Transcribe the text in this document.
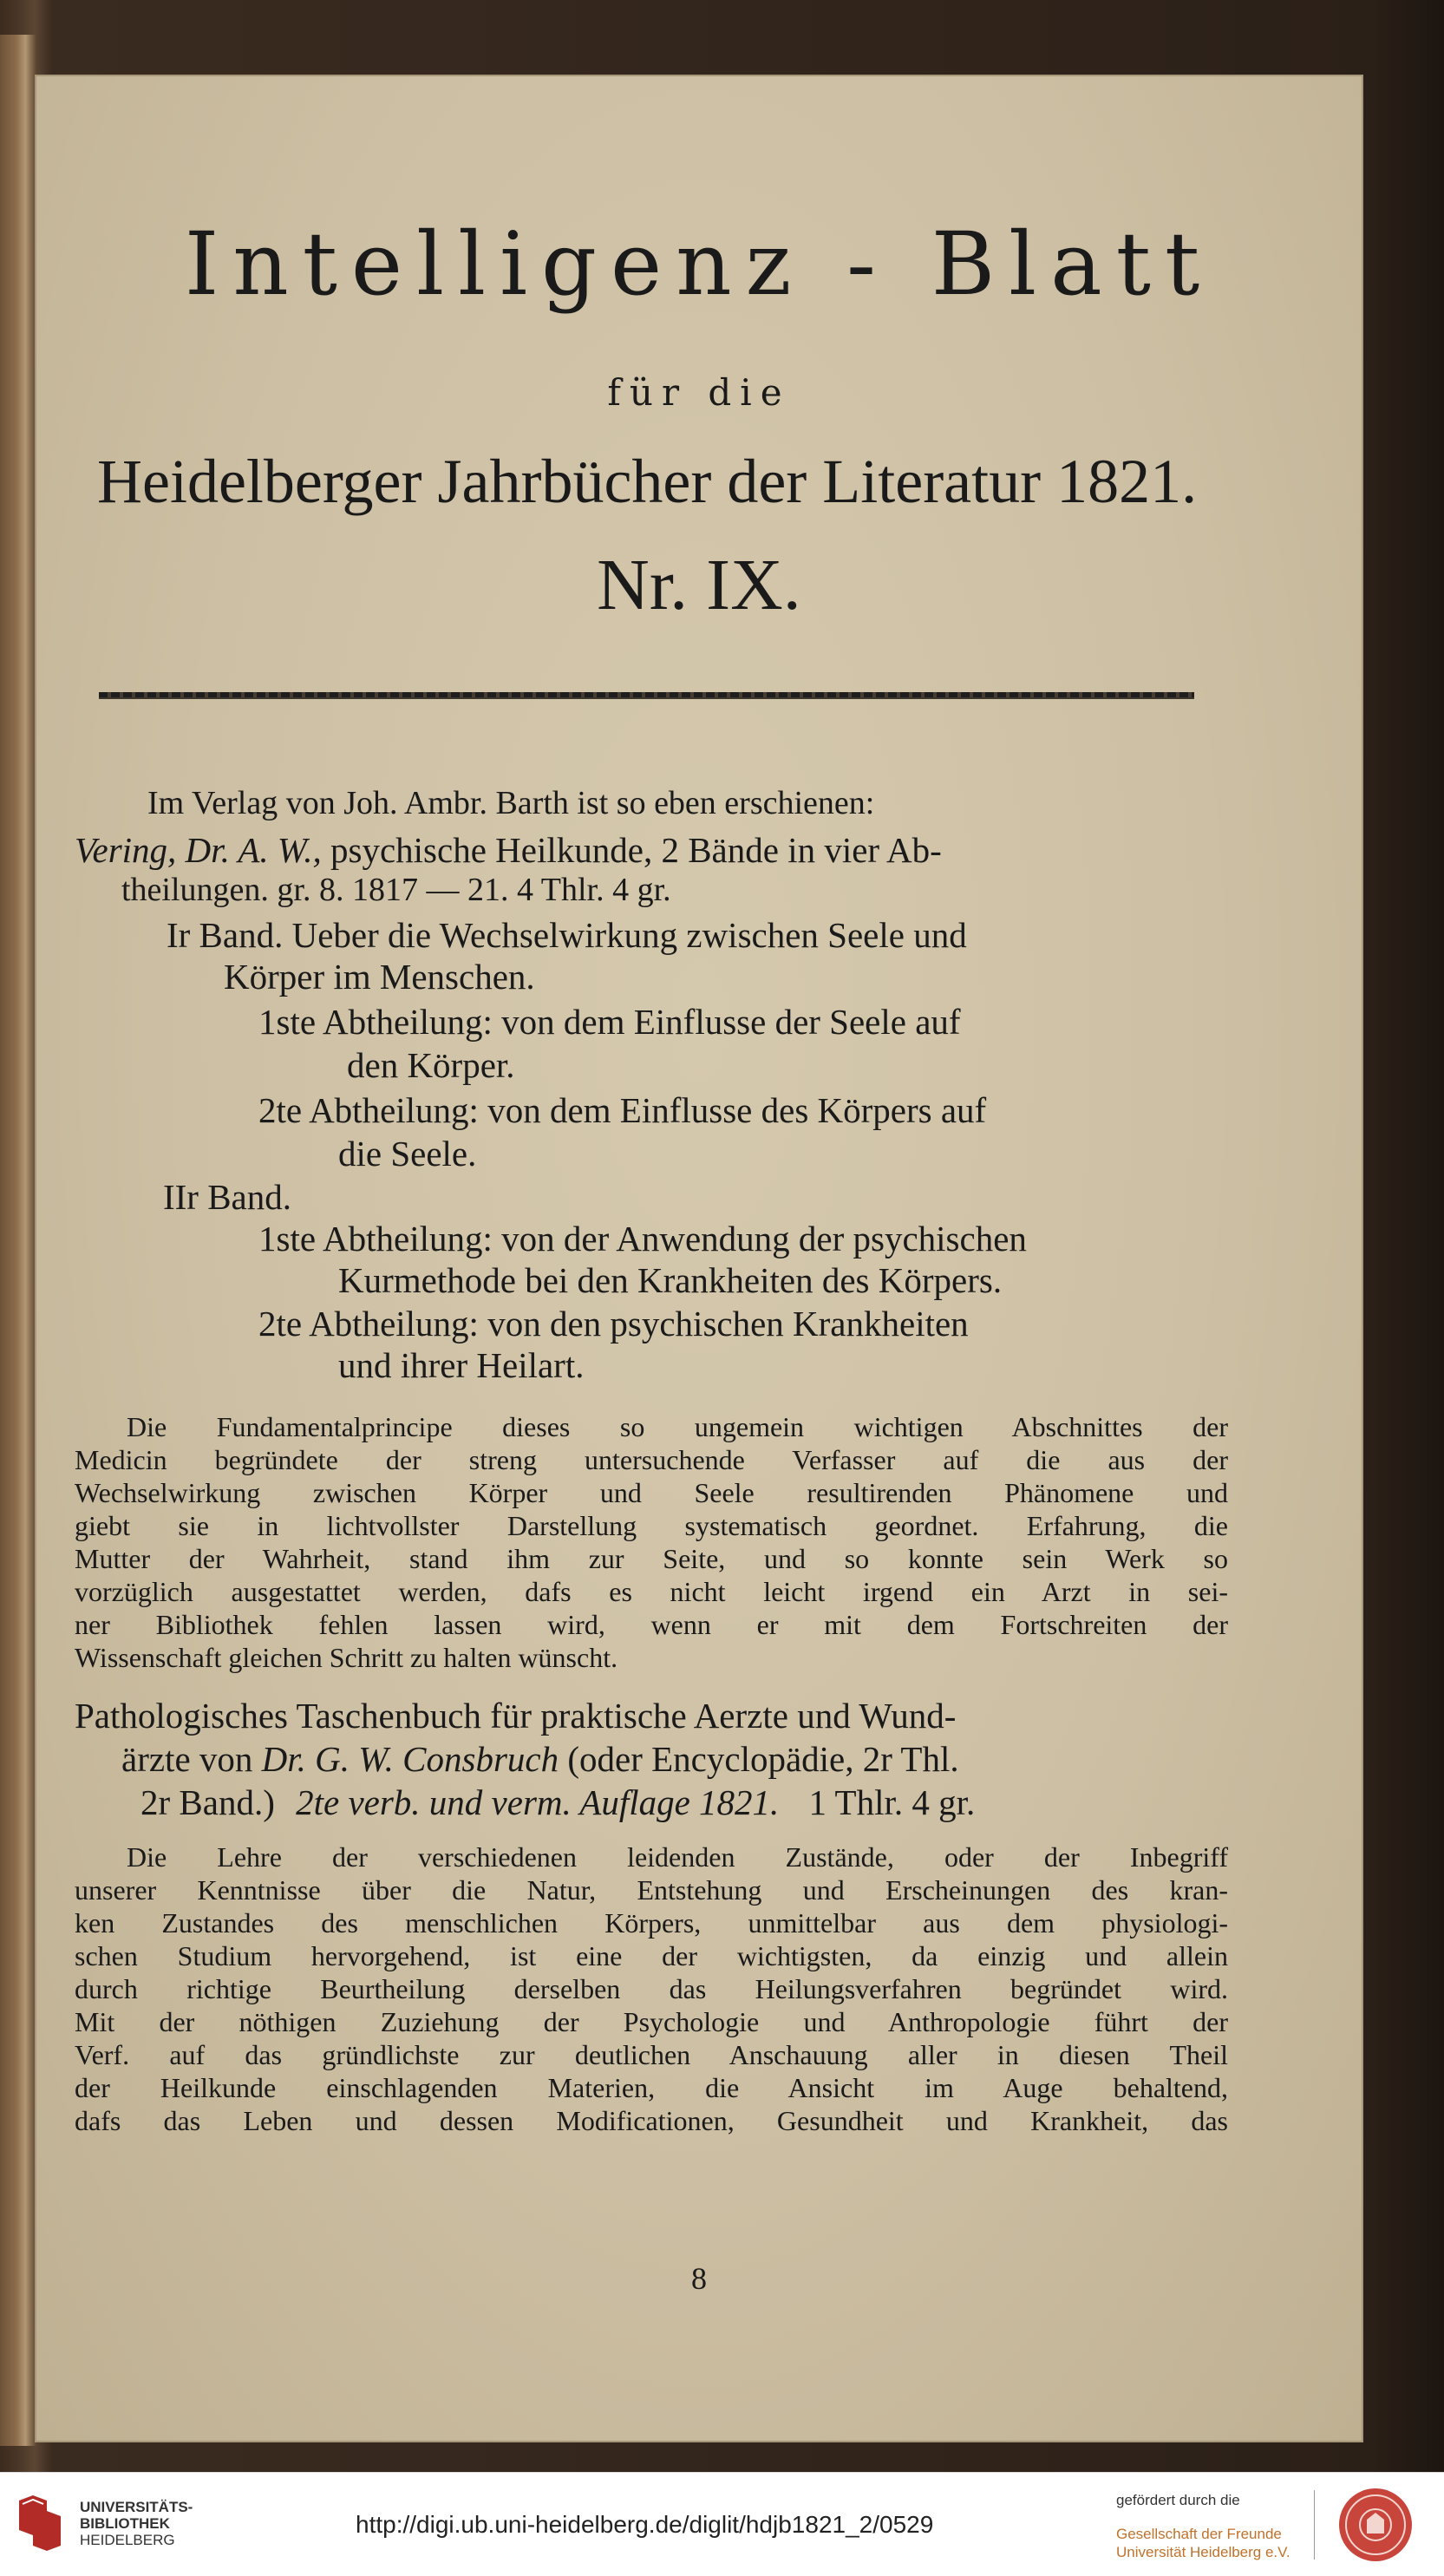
Intelligenz - Blatt
für die
Heidelberger Jahrbücher der Literatur 1821.
Nr. IX.
Im Verlag von Joh. Ambr. Barth ist so eben erschienen:
Vering, Dr. A. W., psychische Heilkunde, 2 Bände in vier Ab-
theilungen. gr. 8. 1817 — 21. 4 Thlr. 4 gr.
Ir Band. Ueber die Wechselwirkung zwischen Seele und
Körper im Menschen.
1ste Abtheilung: von dem Einflusse der Seele auf
den Körper.
2te Abtheilung: von dem Einflusse des Körpers auf
die Seele.
IIr Band.
1ste Abtheilung: von der Anwendung der psychischen
Kurmethode bei den Krankheiten des Körpers.
2te Abtheilung: von den psychischen Krankheiten
und ihrer Heilart.
Die Fundamentalprincipe dieses so ungemein wichtigen Abschnittes der
Medicin begründete der streng untersuchende Verfasser auf die aus der
Wechselwirkung zwischen Körper und Seele resultirenden Phänomene und
giebt sie in lichtvollster Darstellung systematisch geordnet. Erfahrung, die
Mutter der Wahrheit, stand ihm zur Seite, und so konnte sein Werk so
vorzüglich ausgestattet werden, dafs es nicht leicht irgend ein Arzt in sei-
ner Bibliothek fehlen lassen wird, wenn er mit dem Fortschreiten der
Wissenschaft gleichen Schritt zu halten wünscht.
Pathologisches Taschenbuch für praktische Aerzte und Wund-
ärzte von Dr. G. W. Consbruch (oder Encyclopädie, 2r Thl.
2r Band.) 2te verb. und verm. Auflage 1821. 1 Thlr. 4 gr.
Die Lehre der verschiedenen leidenden Zustände, oder der Inbegriff
unserer Kenntnisse über die Natur, Entstehung und Erscheinungen des kran-
ken Zustandes des menschlichen Körpers, unmittelbar aus dem physiologi-
schen Studium hervorgehend, ist eine der wichtigsten, da einzig und allein
durch richtige Beurtheilung derselben das Heilungsverfahren begründet wird.
Mit der nöthigen Zuziehung der Psychologie und Anthropologie führt der
Verf. auf das gründlichste zur deutlichen Anschauung aller in diesen Theil
der Heilkunde einschlagenden Materien, die Ansicht im Auge behaltend,
dafs das Leben und dessen Modificationen, Gesundheit und Krankheit, das
8
UNIVERSITÄTS-
BIBLIOTHEK
HEIDELBERG
http://digi.ub.uni-heidelberg.de/diglit/hdjb1821_2/0529
gefördert durch die
Gesellschaft der Freunde
Universität Heidelberg e.V.
